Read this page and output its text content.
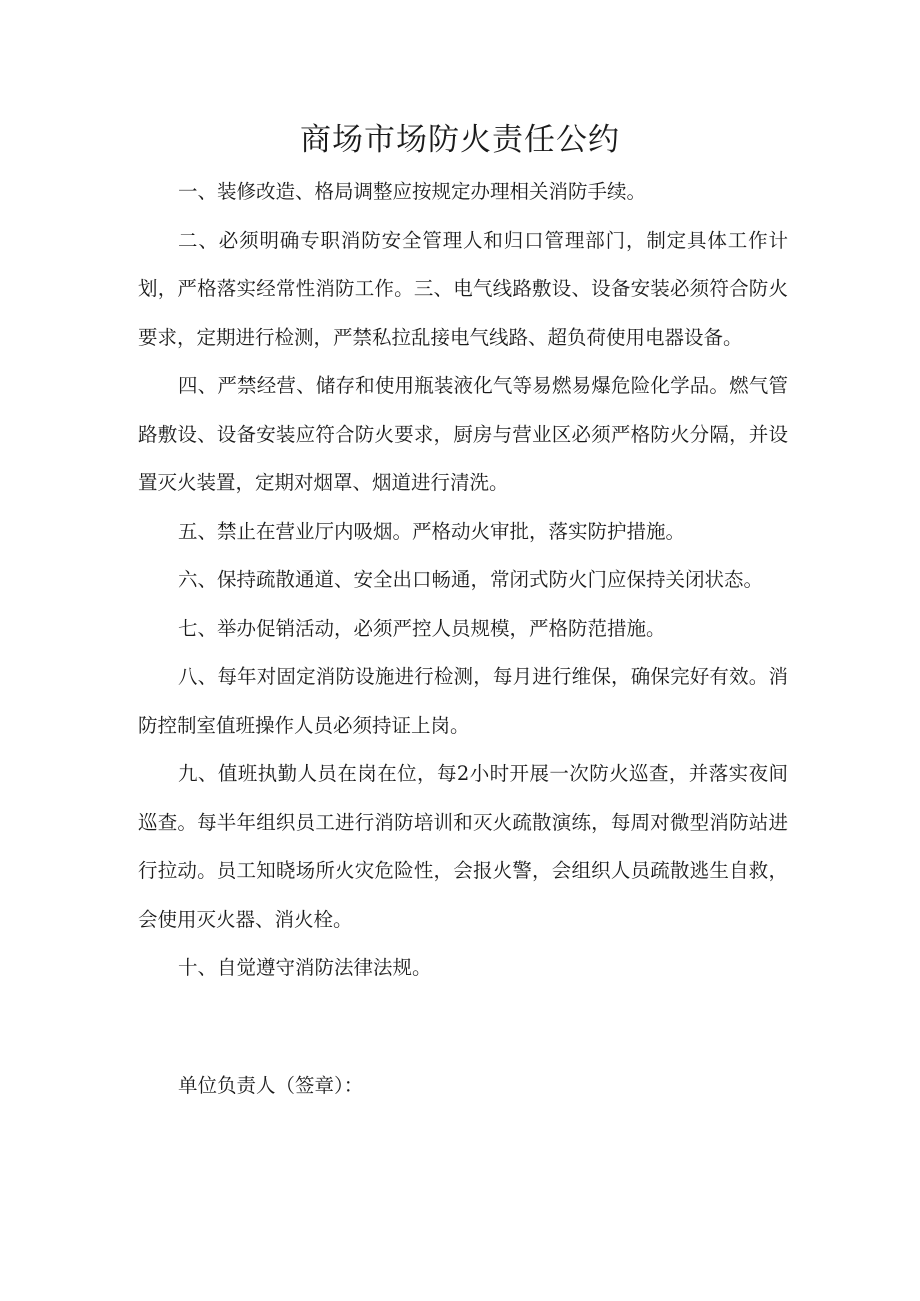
商场市场防火责任公约

一、装修改造、格局调整应按规定办理相关消防手续。

二、必须明确专职消防安全管理人和归口管理部门，制定具体工作计划，严格落实经常性消防工作。三、电气线路敷设、设备安装必须符合防火要求，定期进行检测，严禁私拉乱接电气线路、超负荷使用电器设备。

四、严禁经营、储存和使用瓶装液化气等易燃易爆危险化学品。燃气管路敷设、设备安装应符合防火要求，厨房与营业区必须严格防火分隔，并设置灭火装置，定期对烟罩、烟道进行清洗。

五、禁止在营业厅内吸烟。严格动火审批，落实防护措施。

六、保持疏散通道、安全出口畅通，常闭式防火门应保持关闭状态。

七、举办促销活动，必须严控人员规模，严格防范措施。

八、每年对固定消防设施进行检测，每月进行维保，确保完好有效。消防控制室值班操作人员必须持证上岗。

九、值班执勤人员在岗在位，每2小时开展一次防火巡查，并落实夜间巡查。每半年组织员工进行消防培训和灭火疏散演练，每周对微型消防站进行拉动。员工知晓场所火灾危险性，会报火警，会组织人员疏散逃生自救，会使用灭火器、消火栓。

十、自觉遵守消防法律法规。

单位负责人（签章）：
